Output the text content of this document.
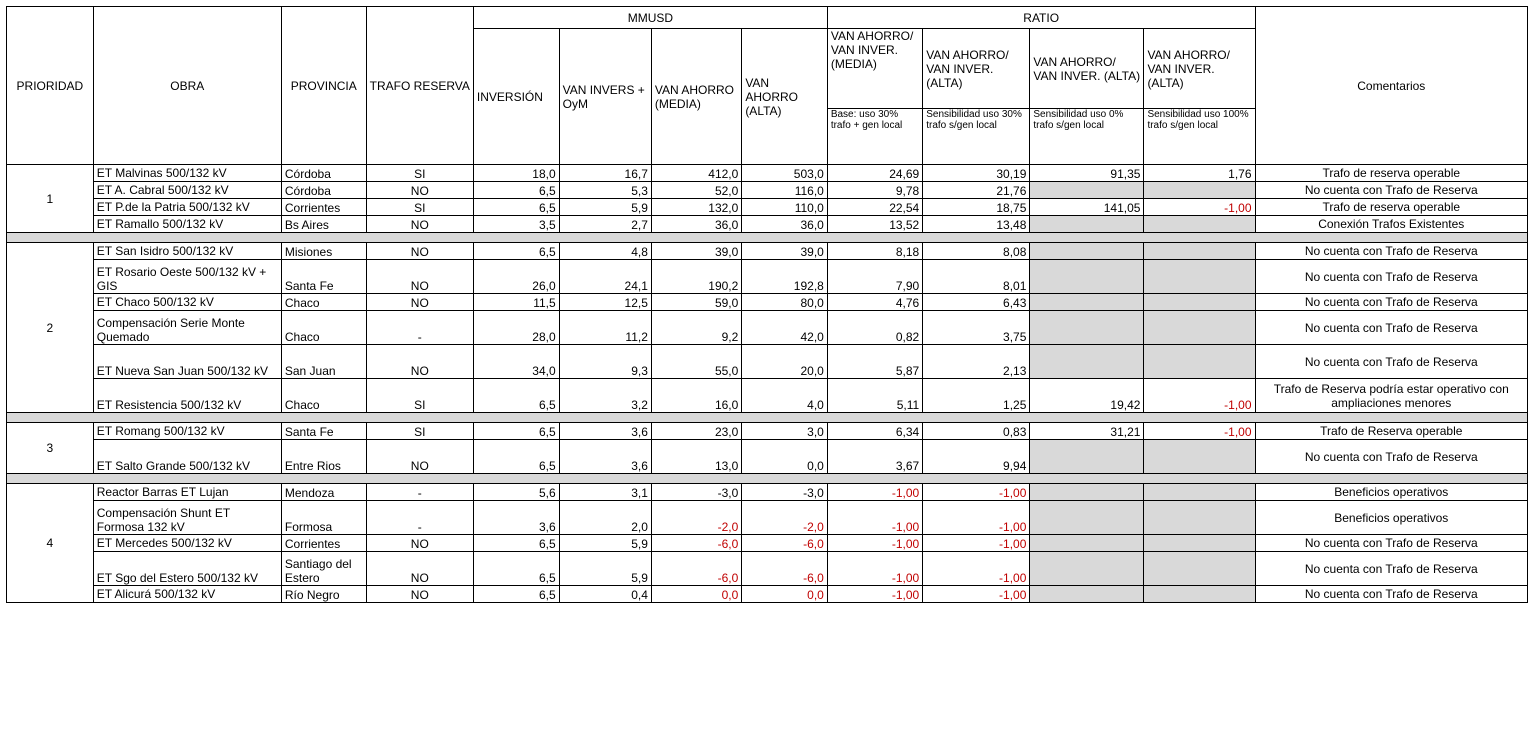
PRIORIDAD	OBRA	PROVINCIA	TRAFO RESERVA	MMUSD				RATIO				Comentarios
				INVERSIÓN	VAN INVERS + OyM	VAN AHORRO (MEDIA)	VAN AHORRO (ALTA)	VAN AHORRO/ VAN INVER. (MEDIA)	VAN AHORRO/ VAN INVER. (ALTA)	VAN AHORRO/ VAN INVER. (ALTA)	VAN AHORRO/ VAN INVER. (ALTA)	
								Base: uso 30% trafo + gen local	Sensibilidad uso 30% trafo s/gen local	Sensibilidad uso 0% trafo s/gen local	Sensibilidad uso 100% trafo s/gen local	
1	ET Malvinas 500/132 kV	Córdoba	SI	18,0	16,7	412,0	503,0	24,69	30,19	91,35	1,76	Trafo de reserva operable
	ET A. Cabral 500/132 kV	Córdoba	NO	6,5	5,3	52,0	116,0	9,78	21,76			No cuenta con Trafo de Reserva
	ET P.de la Patria 500/132 kV	Corrientes	SI	6,5	5,9	132,0	110,0	22,54	18,75	141,05	-1,00	Trafo de reserva operable
	ET Ramallo 500/132 kV	Bs Aires	NO	3,5	2,7	36,0	36,0	13,52	13,48			Conexión Trafos Existentes

2	ET San Isidro 500/132 kV	Misiones	NO	6,5	4,8	39,0	39,0	8,18	8,08			No cuenta con Trafo de Reserva
	ET Rosario Oeste 500/132 kV + GIS	Santa Fe	NO	26,0	24,1	190,2	192,8	7,90	8,01			No cuenta con Trafo de Reserva
	ET Chaco 500/132 kV	Chaco	NO	11,5	12,5	59,0	80,0	4,76	6,43			No cuenta con Trafo de Reserva
	Compensación Serie Monte Quemado	Chaco	-	28,0	11,2	9,2	42,0	0,82	3,75			No cuenta con Trafo de Reserva
	ET Nueva San Juan 500/132 kV	San Juan	NO	34,0	9,3	55,0	20,0	5,87	2,13			No cuenta con Trafo de Reserva
	ET Resistencia 500/132 kV	Chaco	SI	6,5	3,2	16,0	4,0	5,11	1,25	19,42	-1,00	Trafo de Reserva podría estar operativo con ampliaciones menores

3	ET Romang 500/132 kV	Santa Fe	SI	6,5	3,6	23,0	3,0	6,34	0,83	31,21	-1,00	Trafo de Reserva operable
	ET Salto Grande 500/132 kV	Entre Rios	NO	6,5	3,6	13,0	0,0	3,67	9,94			No cuenta con Trafo de Reserva

4	Reactor Barras ET Lujan	Mendoza	-	5,6	3,1	-3,0	-3,0	-1,00	-1,00			Beneficios operativos
	Compensación Shunt ET Formosa 132 kV	Formosa	-	3,6	2,0	-2,0	-2,0	-1,00	-1,00			Beneficios operativos
	ET Mercedes 500/132 kV	Corrientes	NO	6,5	5,9	-6,0	-6,0	-1,00	-1,00			No cuenta con Trafo de Reserva
	ET Sgo del Estero 500/132 kV	Santiago del Estero	NO	6,5	5,9	-6,0	-6,0	-1,00	-1,00			No cuenta con Trafo de Reserva
	ET Alicurá 500/132 kV	Río Negro	NO	6,5	0,4	0,0	0,0	-1,00	-1,00			No cuenta con Trafo de Reserva
